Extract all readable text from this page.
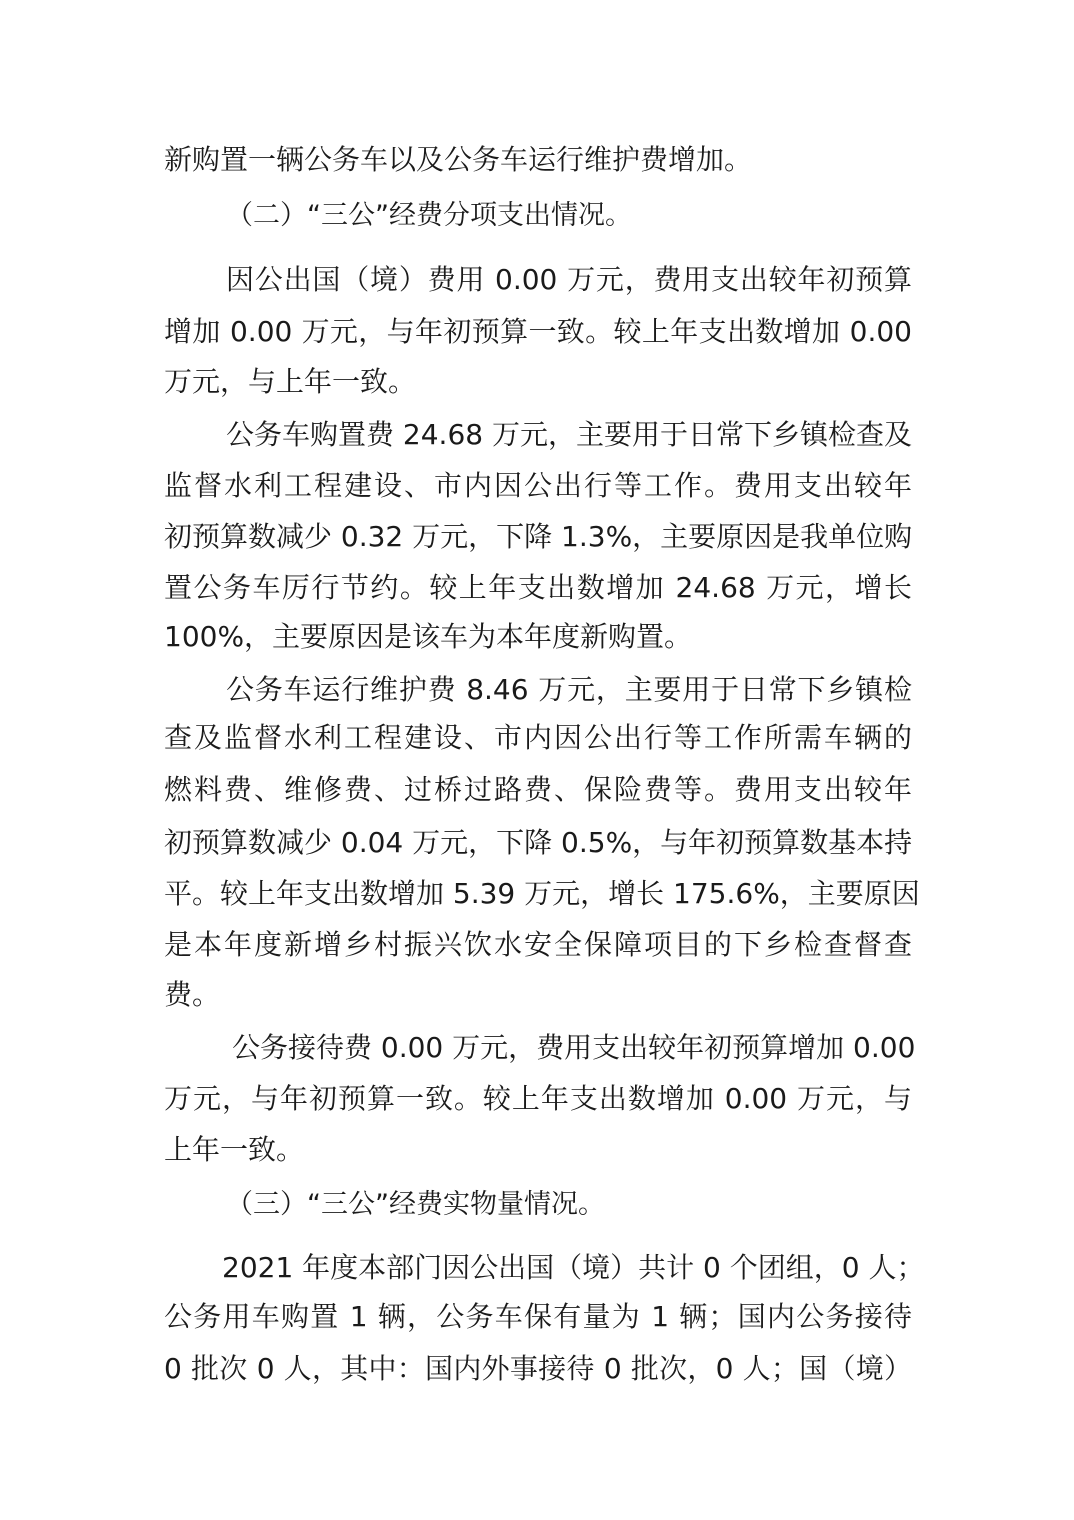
新购置一辆公务车以及公务车运行维护费增加。
（二）“三公”经费分项支出情况。
因公出国（境）费用 0.00 万元，费用支出较年初预算
增加 0.00 万元，与年初预算一致。较上年支出数增加 0.00
万元，与上年一致。
公务车购置费 24.68 万元，主要用于日常下乡镇检查及
监督水利工程建设、市内因公出行等工作。费用支出较年
初预算数减少 0.32 万元，下降 1.3%，主要原因是我单位购
置公务车厉行节约。较上年支出数增加 24.68 万元，增长
100%，主要原因是该车为本年度新购置。
公务车运行维护费 8.46 万元，主要用于日常下乡镇检
查及监督水利工程建设、市内因公出行等工作所需车辆的
燃料费、维修费、过桥过路费、保险费等。费用支出较年
初预算数减少 0.04 万元，下降 0.5%，与年初预算数基本持
平。较上年支出数增加 5.39 万元，增长 175.6%，主要原因
是本年度新增乡村振兴饮水安全保障项目的下乡检查督查
费。
公务接待费 0.00 万元，费用支出较年初预算增加 0.00
万元，与年初预算一致。较上年支出数增加 0.00 万元，与
上年一致。
（三）“三公”经费实物量情况。
2021 年度本部门因公出国（境）共计 0 个团组，0 人；
公务用车购置 1 辆，公务车保有量为 1 辆；国内公务接待
0 批次 0 人，其中：国内外事接待 0 批次，0 人；国（境）
